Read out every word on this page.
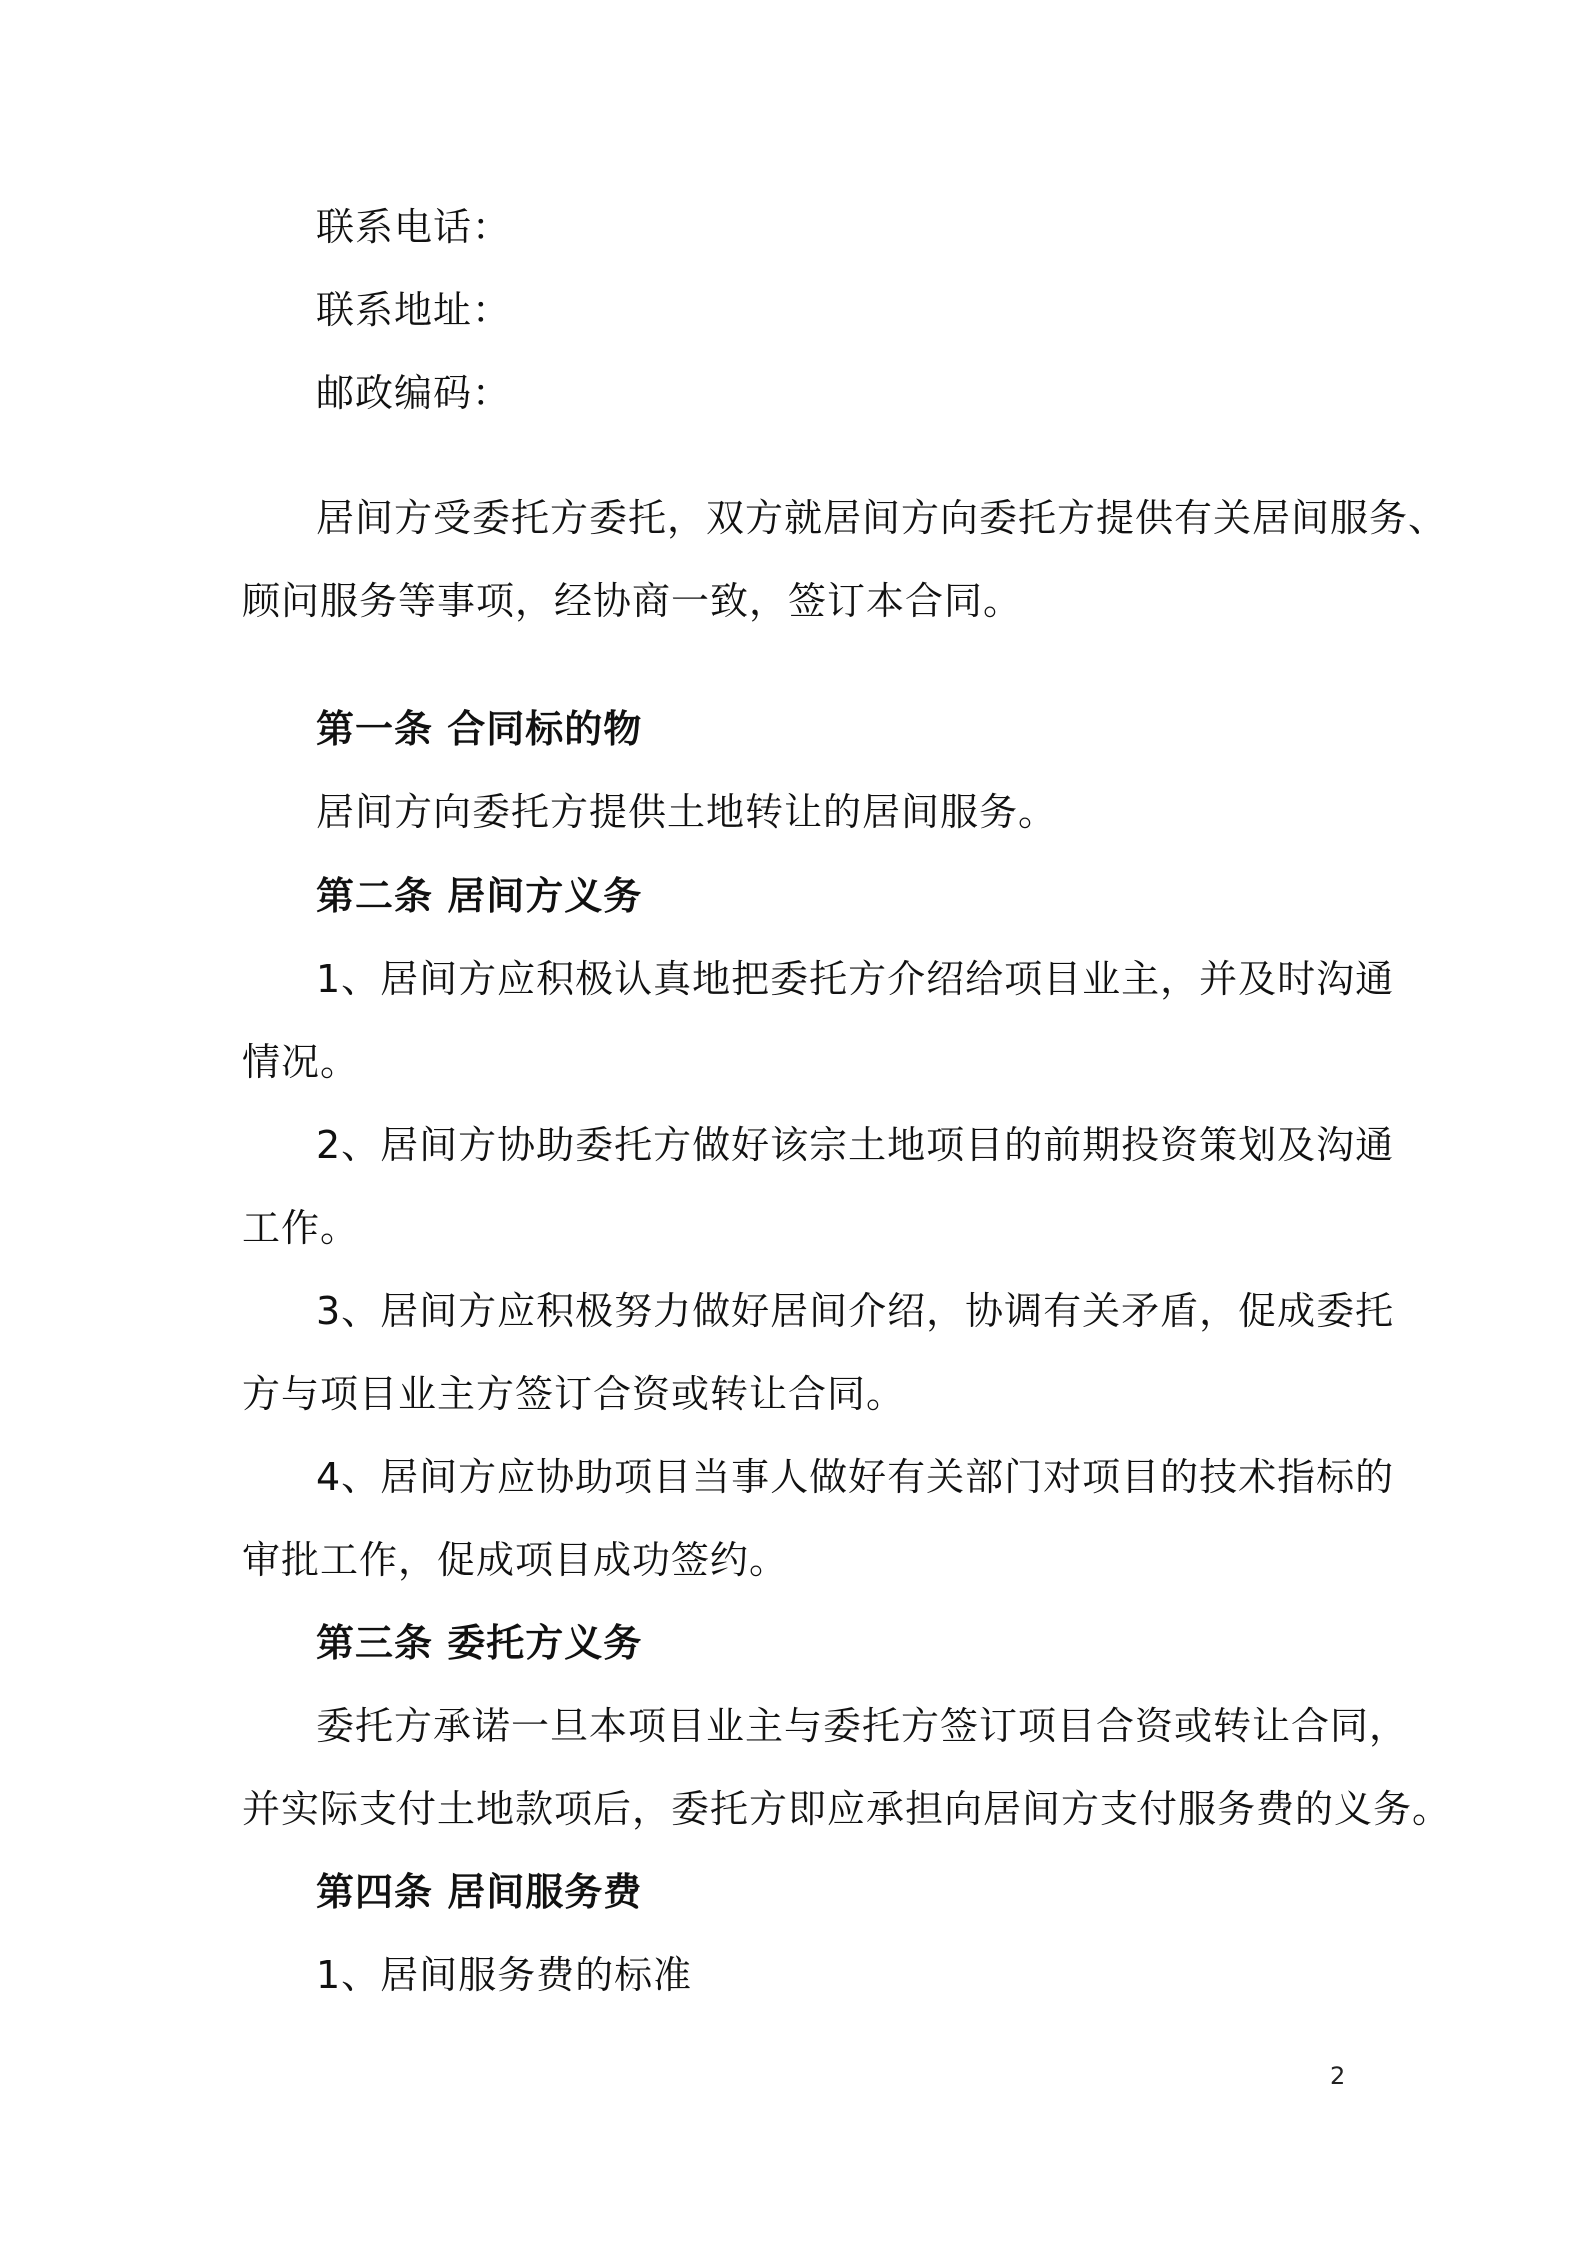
联系电话：
联系地址：
邮政编码：
居间方受委托方委托，双方就居间方向委托方提供有关居间服务、
顾问服务等事项，经协商一致，签订本合同。
第一条 合同标的物
居间方向委托方提供土地转让的居间服务。
第二条 居间方义务
1、居间方应积极认真地把委托方介绍给项目业主，并及时沟通
情况。
2、居间方协助委托方做好该宗土地项目的前期投资策划及沟通
工作。
3、居间方应积极努力做好居间介绍，协调有关矛盾，促成委托
方与项目业主方签订合资或转让合同。
4、居间方应协助项目当事人做好有关部门对项目的技术指标的
审批工作，促成项目成功签约。
第三条 委托方义务
委托方承诺一旦本项目业主与委托方签订项目合资或转让合同，
并实际支付土地款项后，委托方即应承担向居间方支付服务费的义务。
第四条 居间服务费
1、居间服务费的标准
2
